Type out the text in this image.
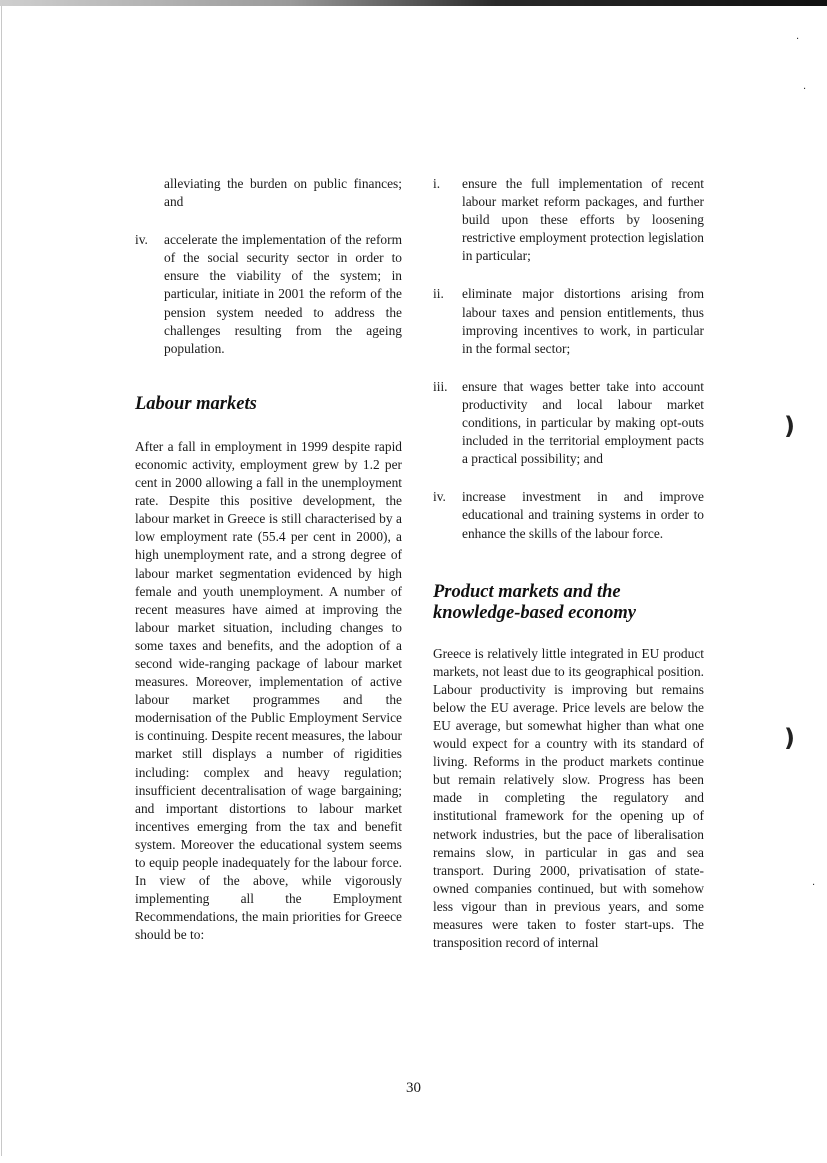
alleviating the burden on public finances; and

iv.	accelerate the implementation of the reform of the social security sector in order to ensure the viability of the system; in particular, initiate in 2001 the reform of the pension system needed to address the challenges resulting from the ageing population.
Labour markets

After a fall in employment in 1999 despite rapid economic activity, employment grew by 1.2 per cent in 2000 allowing a fall in the unemployment rate. Despite this positive development, the labour market in Greece is still characterised by a low employment rate (55.4 per cent in 2000), a high unemployment rate, and a strong degree of labour market segmentation evidenced by high female and youth unemployment. A number of recent measures have aimed at improving the labour market situation, including changes to some taxes and benefits, and the adoption of a second wide-ranging package of labour market measures. Moreover, implementation of active labour market programmes and the modernisation of the Public Employment Service is continuing. Despite recent measures, the labour market still displays a number of rigidities including: complex and heavy regulation; insufficient decentralisation of wage bargaining; and important distortions to labour market incentives emerging from the tax and benefit system. Moreover the educational system seems to equip people inadequately for the labour force. In view of the above, while vigorously implementing all the Employment Recommendations, the main priorities for Greece should be to:

i.	ensure the full implementation of recent labour market reform packages, and further build upon these efforts by loosening restrictive employment protection legislation in particular;
ii.	eliminate major distortions arising from labour taxes and pension entitlements, thus improving incentives to work, in particular in the formal sector;
iii.	ensure that wages better take into account productivity and local labour market conditions, in particular by making opt-outs included in the territorial employment pacts a practical possibility; and
iv.	increase investment in and improve educational and training systems in order to enhance the skills of the labour force.
Product markets and the
knowledge-based economy

Greece is relatively little integrated in EU product markets, not least due to its geographical position. Labour productivity is improving but remains below the EU average. Price levels are below the EU average, but somewhat higher than what one would expect for a country with its standard of living. Reforms in the product markets continue but remain relatively slow. Progress has been made in completing the regulatory and institutional framework for the opening up of network industries, but the pace of liberalisation remains slow, in particular in gas and sea transport. During 2000, privatisation of state-owned companies continued, but with somehow less vigour than in previous years, and some measures were taken to foster start-ups. The transposition record of internal

30
·
·
)
)
·
